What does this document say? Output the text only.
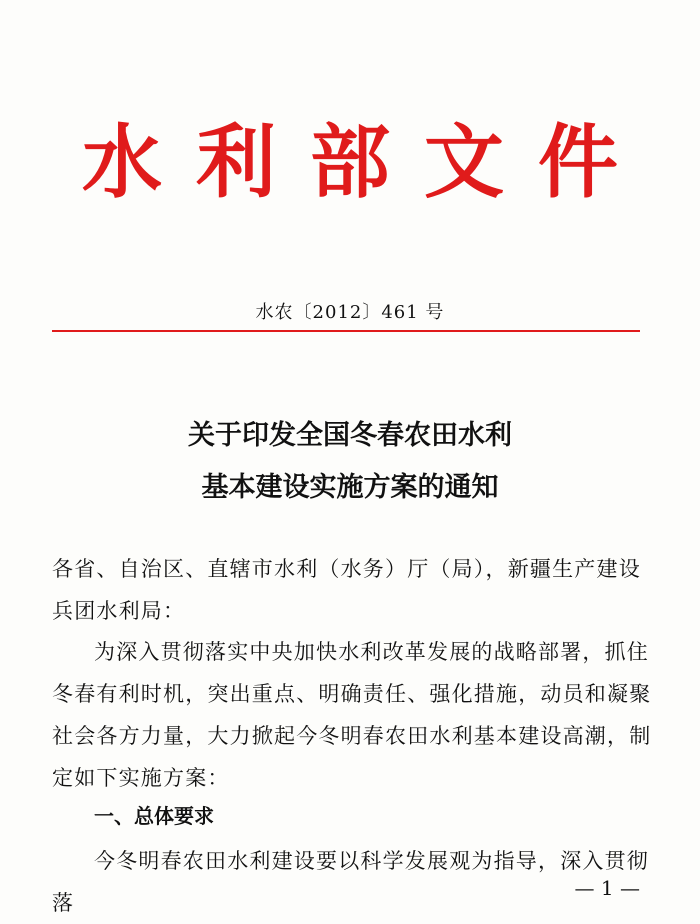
水利部文件
水农〔2012〕461 号
关于印发全国冬春农田水利
基本建设实施方案的通知
各省、自治区、直辖市水利（水务）厅（局），新疆生产建设兵团水利局：
为深入贯彻落实中央加快水利改革发展的战略部署，抓住冬春有利时机，突出重点、明确责任、强化措施，动员和凝聚社会各方力量，大力掀起今冬明春农田水利基本建设高潮，制定如下实施方案：
一、总体要求
今冬明春农田水利建设要以科学发展观为指导，深入贯彻落
— 1 —
